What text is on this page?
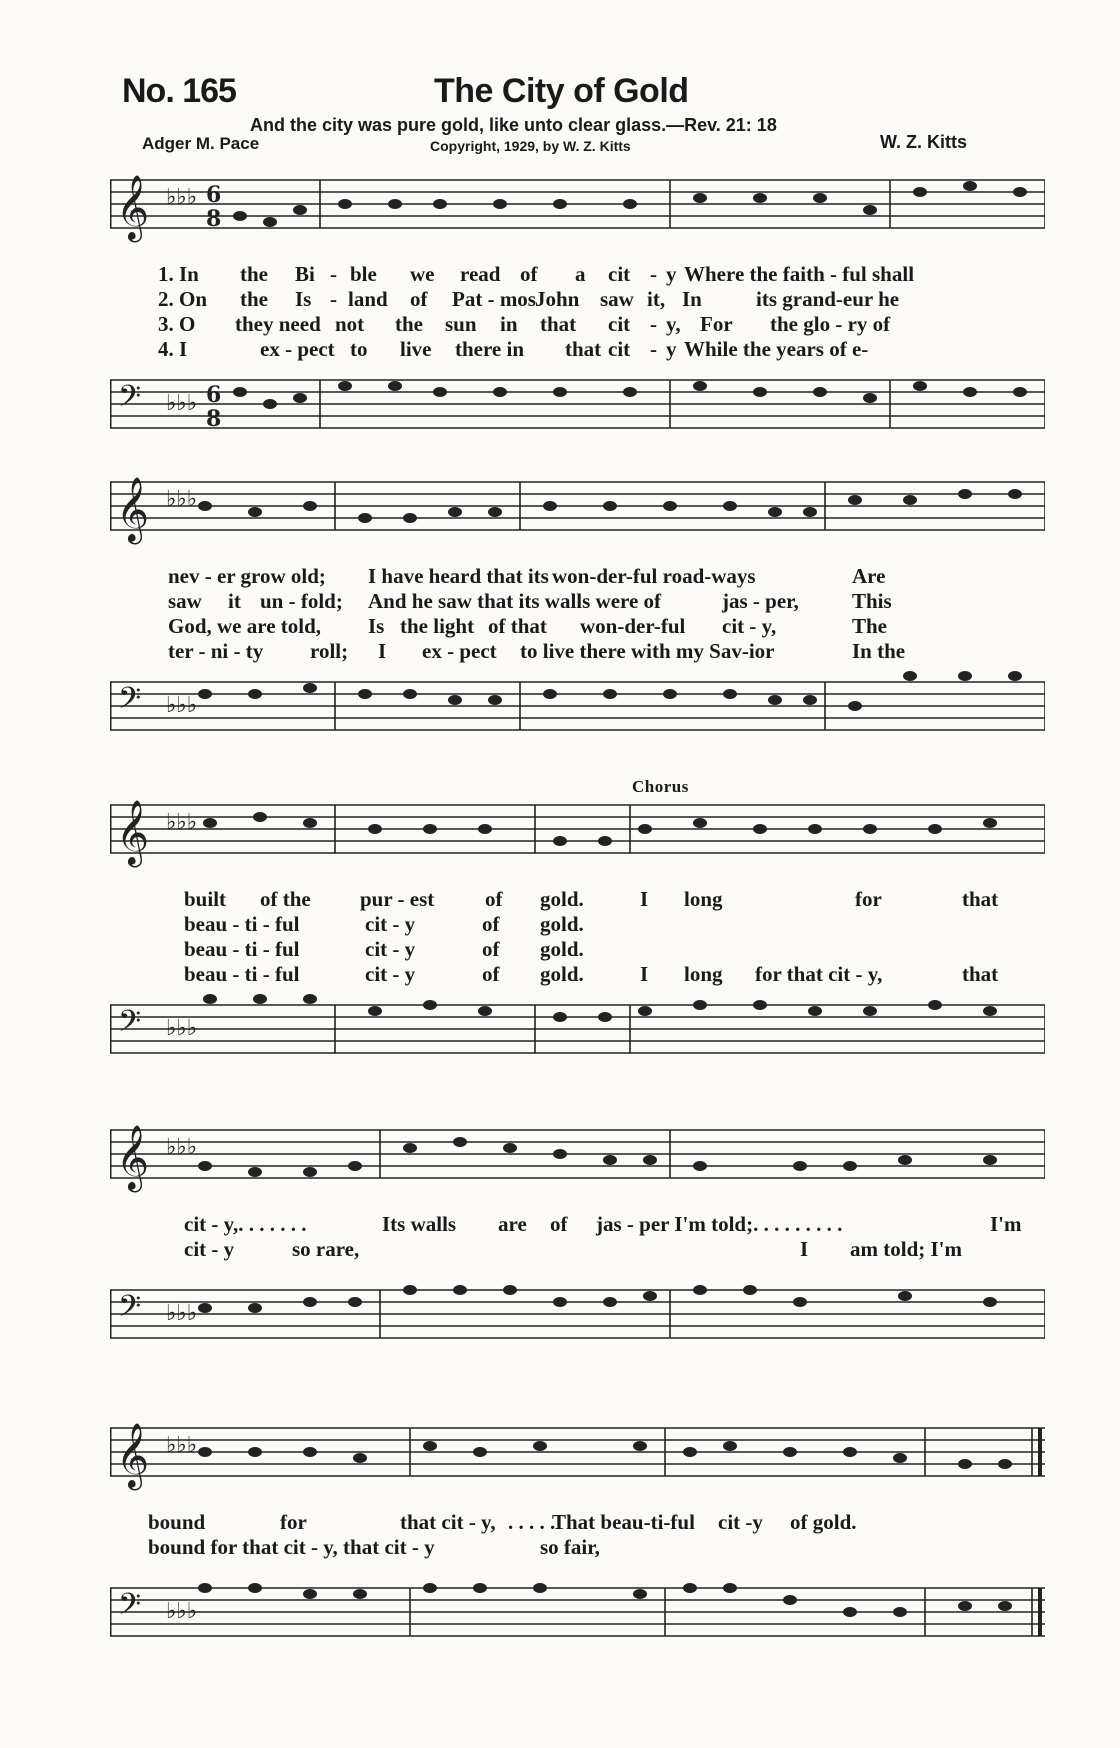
No. 165	The City of Gold
And the city was pure gold, like unto clear glass.—Rev. 21: 18
Adger M. Pace	Copyright, 1929, by W. Z. Kitts	W. Z. Kitts
𝄞 ♭♭♭ 6
8
1. In the Bi - ble we read of a cit - y Where the faith - ful shall
2. On the Is - land of Pat - mos John saw it, In	its grand-eur he
3. O they need not the sun in that cit - y, For the glo - ry of
4. I	ex - pect to live there in that cit - y While the years of e-
𝄢 ♭♭♭ 6
8
𝄞 ♭♭♭
nev - er grow old; I have heard that its won-der-ful road-ways	Are
saw it un - fold; And he saw that its walls were of	jas - per,	This
God, we are told, Is the light of that won-der-ful cit - y,	The
ter - ni - ty roll; I ex - pect to live there with my Sav-ior	In the
𝄢 ♭♭♭
Chorus
𝄞 ♭♭♭
built of the pur - est of gold.	I long	for	that
beau - ti - ful	cit - y	of gold.
beau - ti - ful	cit - y	of gold.
beau - ti - ful	cit - y	of gold.	I long for that cit - y,	that
𝄢 ♭♭♭
𝄞 ♭♭♭
cit - y,. . . . . . .	Its walls are of jas - per I'm told;. . . . . . . . .	I'm
cit - y	so rare,	I am told; I'm
𝄢 ♭♭♭
𝄞 ♭♭♭
bound	for	that cit - y, . . . . .
That beau-ti-ful cit -y of gold.
bound for that cit - y, that cit - y	so fair,
𝄢 ♭♭♭
